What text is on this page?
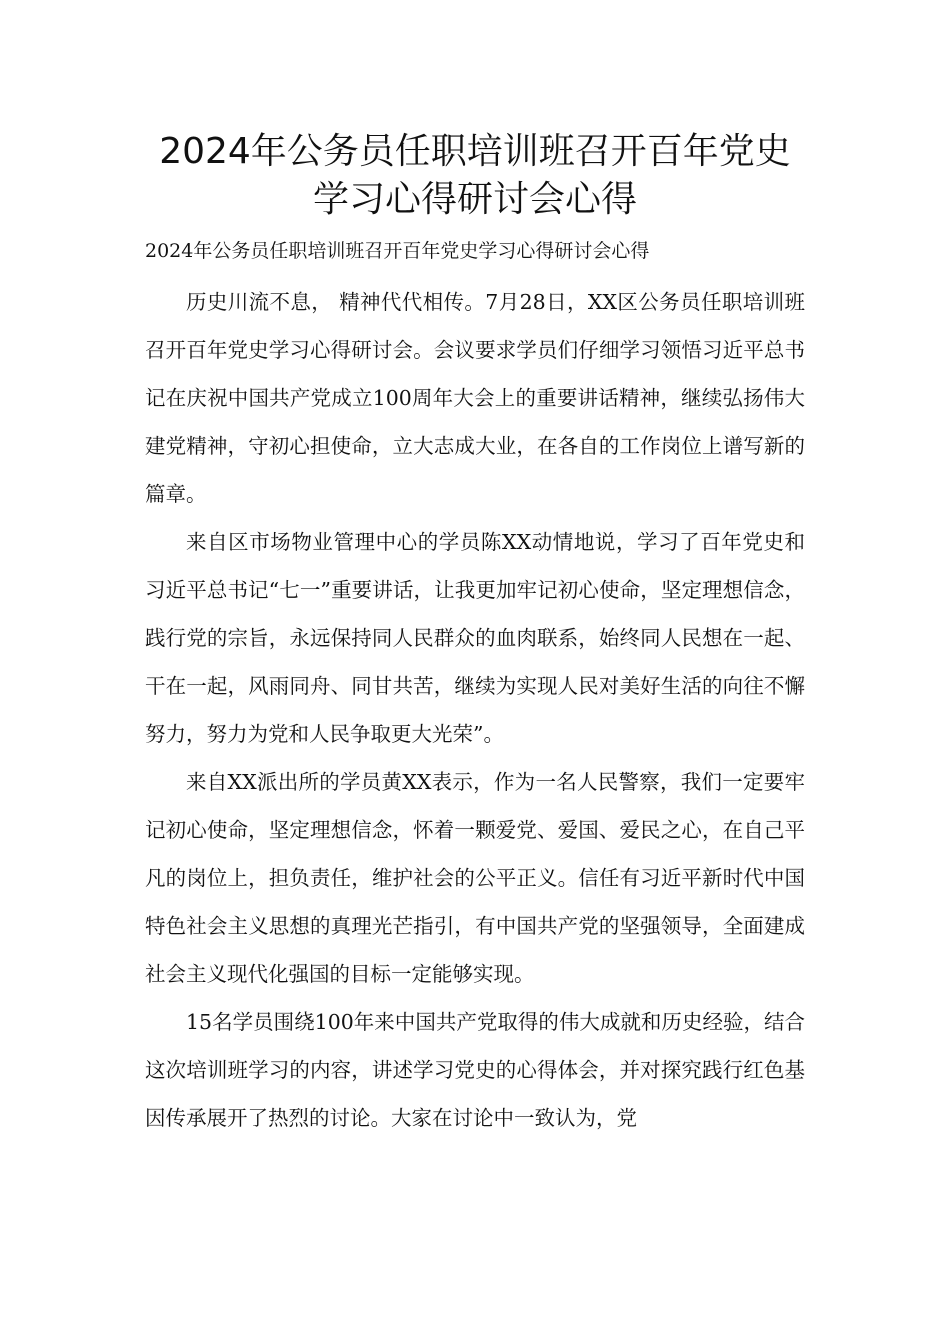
2024年公务员任职培训班召开百年党史
学习心得研讨会心得

2024年公务员任职培训班召开百年党史学习心得研讨会心得

历史川流不息， 精神代代相传。7月28日，XX区公务员任职培训班召开百年党史学习心得研讨会。会议要求学员们仔细学习领悟习近平总书记在庆祝中国共产党成立100周年大会上的重要讲话精神，继续弘扬伟大建党精神，守初心担使命，立大志成大业，在各自的工作岗位上谱写新的篇章。

来自区市场物业管理中心的学员陈XX动情地说，学习了百年党史和习近平总书记“七一”重要讲话，让我更加牢记初心使命，坚定理想信念，践行党的宗旨，永远保持同人民群众的血肉联系，始终同人民想在一起、干在一起，风雨同舟、同甘共苦，继续为实现人民对美好生活的向往不懈努力，努力为党和人民争取更大光荣”。

来自XX派出所的学员黄XX表示，作为一名人民警察，我们一定要牢记初心使命，坚定理想信念，怀着一颗爱党、爱国、爱民之心，在自己平凡的岗位上，担负责任，维护社会的公平正义。信任有习近平新时代中国特色社会主义思想的真理光芒指引，有中国共产党的坚强领导，全面建成社会主义现代化强国的目标一定能够实现。

15名学员围绕100年来中国共产党取得的伟大成就和历史经验，结合这次培训班学习的内容，讲述学习党史的心得体会，并对探究践行红色基因传承展开了热烈的讨论。大家在讨论中一致认为，党
